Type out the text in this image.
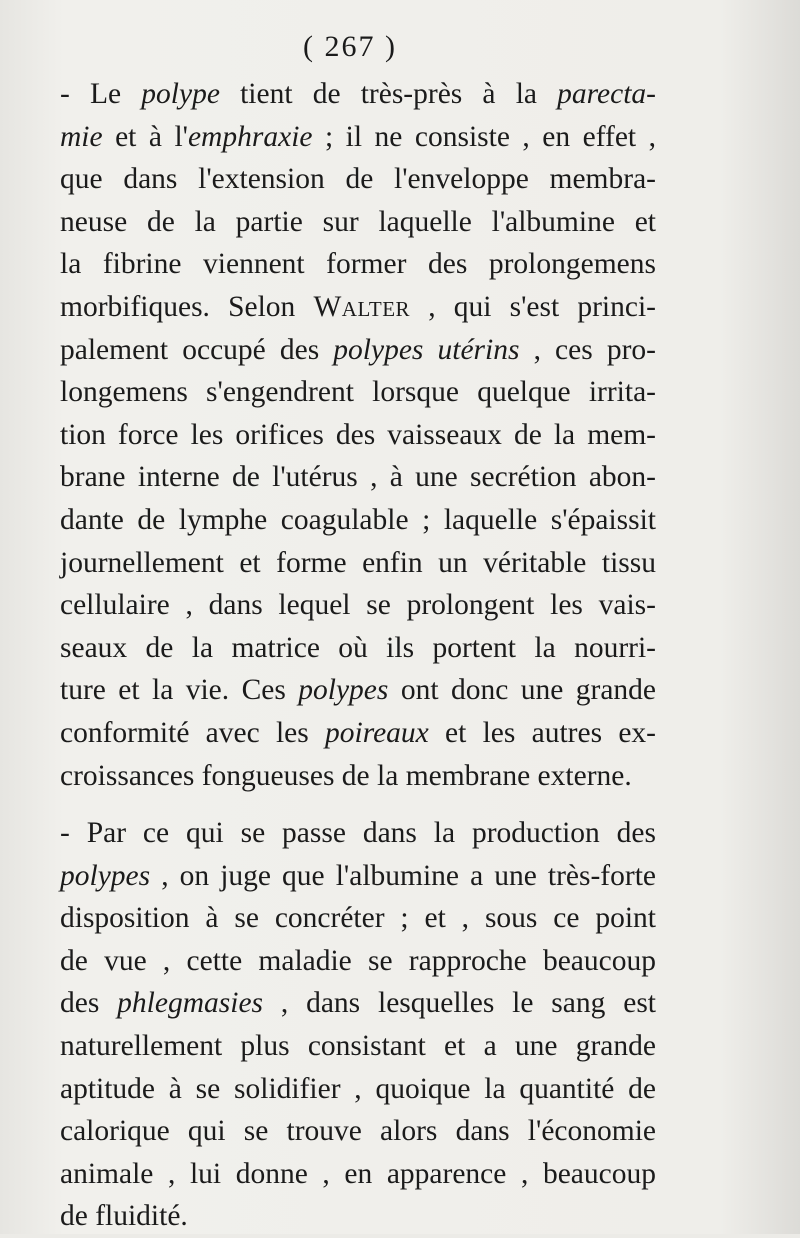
( 267 )
- Le polype tient de très-près à la parecta-
mie et à l'emphraxie ; il ne consiste , en effet ,
que dans l'extension de l'enveloppe membra-
neuse de la partie sur laquelle l'albumine et
la fibrine viennent former des prolongemens
morbifiques. Selon Walter , qui s'est princi-
palement occupé des polypes utérins , ces pro-
longemens s'engendrent lorsque quelque irrita-
tion force les orifices des vaisseaux de la mem-
brane interne de l'utérus , à une secrétion abon-
dante de lymphe coagulable ; laquelle s'épaissit
journellement et forme enfin un véritable tissu
cellulaire , dans lequel se prolongent les vais-
seaux de la matrice où ils portent la nourri-
ture et la vie. Ces polypes ont donc une grande
conformité avec les poireaux et les autres ex-
croissances fongueuses de la membrane externe.
- Par ce qui se passe dans la production des
polypes , on juge que l'albumine a une très-forte
disposition à se concréter ; et , sous ce point
de vue , cette maladie se rapproche beaucoup
des phlegmasies , dans lesquelles le sang est
naturellement plus consistant et a une grande
aptitude à se solidifier , quoique la quantité de
calorique qui se trouve alors dans l'économie
animale , lui donne , en apparence , beaucoup
de fluidité.
